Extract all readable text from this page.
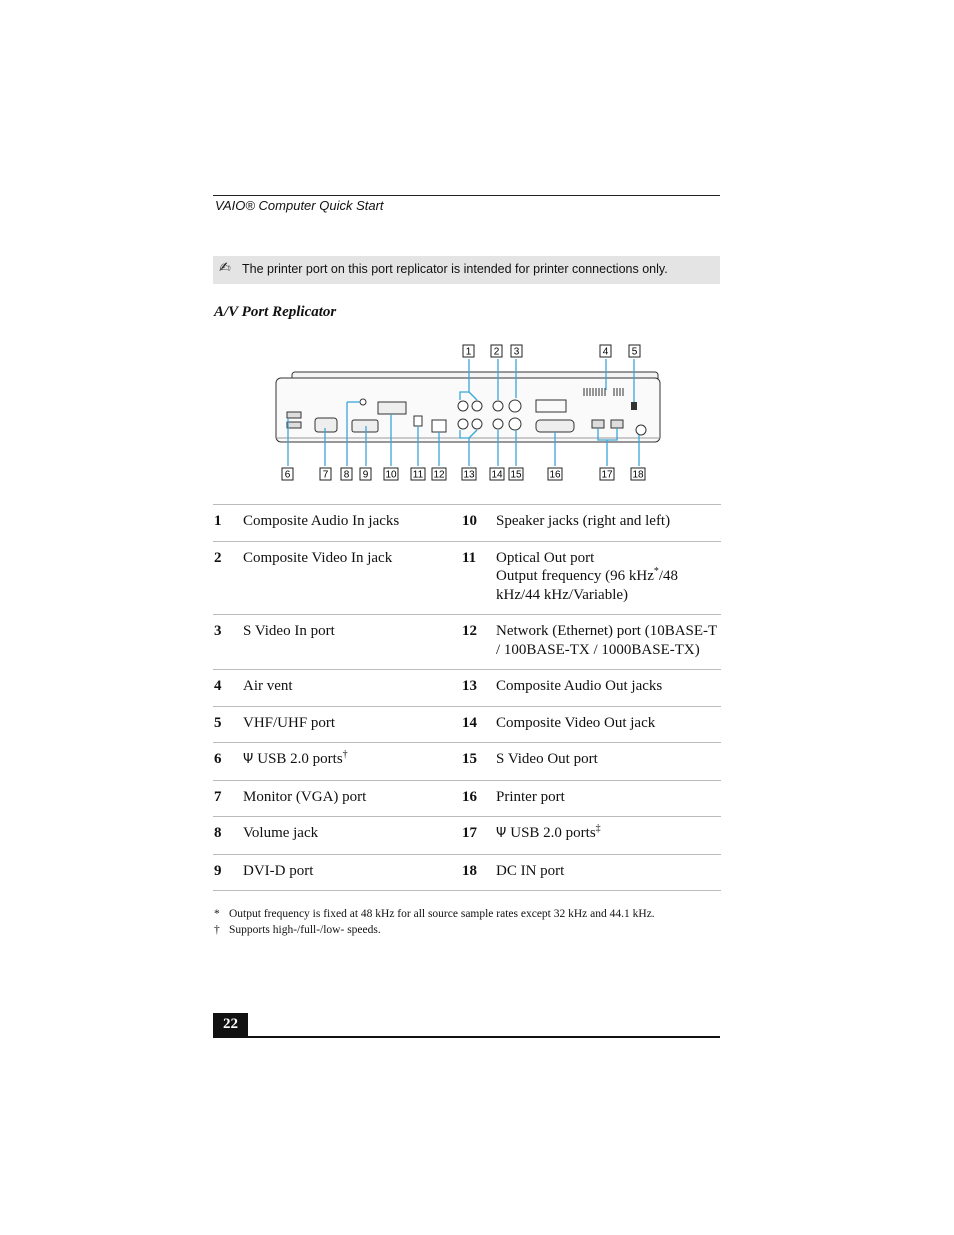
VAIO® Computer Quick Start
✍ The printer port on this port replicator is intended for printer connections only.
A/V Port Replicator
1 2 3	4 5
6	7 8 9 10 11 12 13 14 15	16	17 18
1	Composite Audio In jacks	10	Speaker jacks (right and left)
2	Composite Video In jack	11	Optical Out port
Output frequency (96 kHz*/48 kHz/44 kHz/Variable)
3	S Video In port	12	Network (Ethernet) port (10BASE-T / 100BASE-TX / 1000BASE-TX)
4	Air vent	13	Composite Audio Out jacks
5	VHF/UHF port	14	Composite Video Out jack
6	Ψ USB 2.0 ports†	15	S Video Out port
7	Monitor (VGA) port	16	Printer port
8	Volume jack	17	Ψ USB 2.0 ports‡
9	DVI-D port	18	DC IN port
* Output frequency is fixed at 48 kHz for all source sample rates except 32 kHz and 44.1 kHz.
† Supports high-/full-/low- speeds.
22
